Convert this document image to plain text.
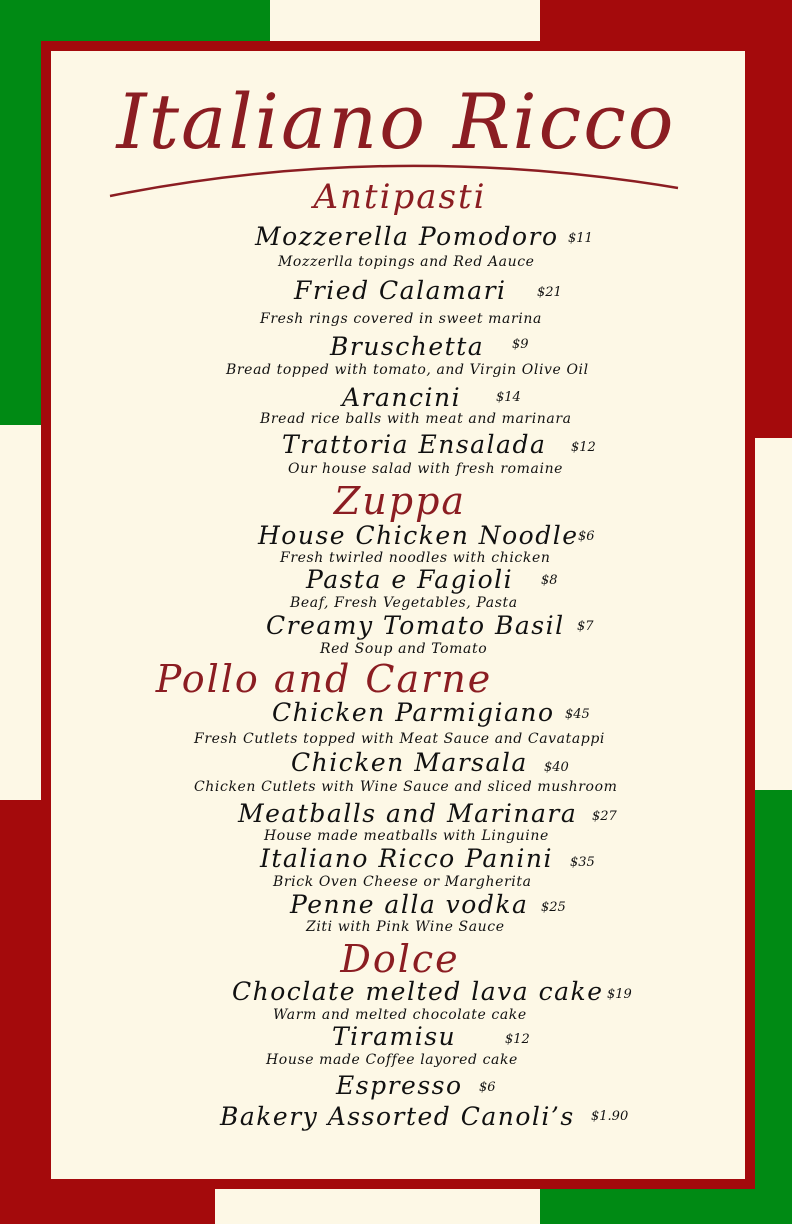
Italiano Ricco
Antipasti
Mozzerella Pomodoro $11
Mozzerlla topings and Red Aauce
Fried Calamari $21
Fresh rings covered in sweet marina
Bruschetta $9
Bread topped with tomato, and Virgin Olive Oil
Arancini	$14
Bread rice balls with meat and marinara
Trattoria Ensalada $12
Our house salad with fresh romaine
Zuppa
House Chicken Noodle $6
Fresh twirled noodles with chicken
Pasta e Fagioli $8
Beaf, Fresh Vegetables, Pasta
Creamy Tomato Basil $7
Red Soup and Tomato
Pollo and Carne
Chicken Parmigiano $45
Fresh Cutlets topped with Meat Sauce and Cavatappi
Chicken Marsala $40
Chicken Cutlets with Wine Sauce and sliced mushroom
Meatballs and Marinara $27
House made meatballs with Linguine
Italiano Ricco Panini $35
Brick Oven Cheese or Margherita
Penne alla vodka $25
Ziti with Pink Wine Sauce
Dolce
Choclate melted lava cake $19
Warm and melted chocolate cake
Tiramisu	$12
House made Coffee layored cake
Espresso $6
Bakery Assorted Canoli’s $1.90
